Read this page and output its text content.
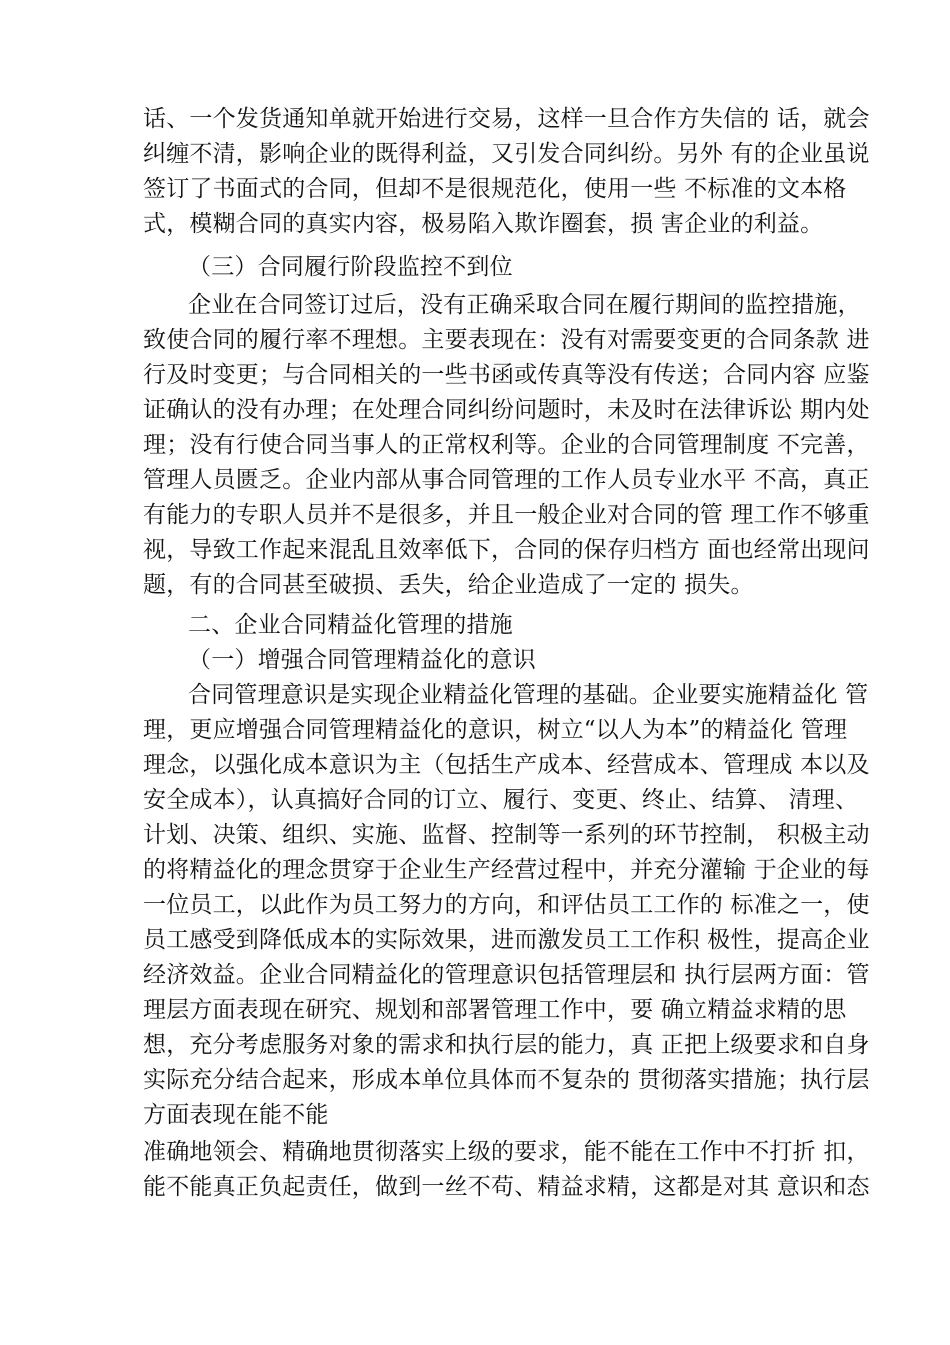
话、一个发货通知单就开始进行交易，这样一旦合作方失信的 话，就会
纠缠不清，影响企业的既得利益，又引发合同纠纷。另外 有的企业虽说
签订了书面式的合同，但却不是很规范化，使用一些 不标准的文本格
式，模糊合同的真实内容，极易陷入欺诈圈套，损 害企业的利益。
（三）合同履行阶段监控不到位
企业在合同签订过后，没有正确采取合同在履行期间的监控措施，
致使合同的履行率不理想。主要表现在：没有对需要变更的合同条款 进
行及时变更；与合同相关的一些书函或传真等没有传送；合同内容 应鉴
证确认的没有办理；在处理合同纠纷问题时，未及时在法律诉讼 期内处
理；没有行使合同当事人的正常权利等。企业的合同管理制度 不完善，
管理人员匮乏。企业内部从事合同管理的工作人员专业水平 不高，真正
有能力的专职人员并不是很多，并且一般企业对合同的管 理工作不够重
视，导致工作起来混乱且效率低下，合同的保存归档方 面也经常出现问
题，有的合同甚至破损、丢失，给企业造成了一定的 损失。
二、企业合同精益化管理的措施
（一）增强合同管理精益化的意识
合同管理意识是实现企业精益化管理的基础。企业要实施精益化 管
理，更应增强合同管理精益化的意识，树立“以人为本”的精益化 管理
理念，以强化成本意识为主（包括生产成本、经营成本、管理成 本以及
安全成本），认真搞好合同的订立、履行、变更、终止、结算、 清理、
计划、决策、组织、实施、监督、控制等一系列的环节控制， 积极主动
的将精益化的理念贯穿于企业生产经营过程中，并充分灌输 于企业的每
一位员工，以此作为员工努力的方向，和评估员工工作的 标准之一，使
员工感受到降低成本的实际效果，进而激发员工工作积 极性，提高企业
经济效益。企业合同精益化的管理意识包括管理层和 执行层两方面：管
理层方面表现在研究、规划和部署管理工作中，要 确立精益求精的思
想，充分考虑服务对象的需求和执行层的能力，真 正把上级要求和自身
实际充分结合起来，形成本单位具体而不复杂的 贯彻落实措施；执行层
方面表现在能不能
准确地领会、精确地贯彻落实上级的要求，能不能在工作中不打折 扣，
能不能真正负起责任，做到一丝不苟、精益求精，这都是对其 意识和态
